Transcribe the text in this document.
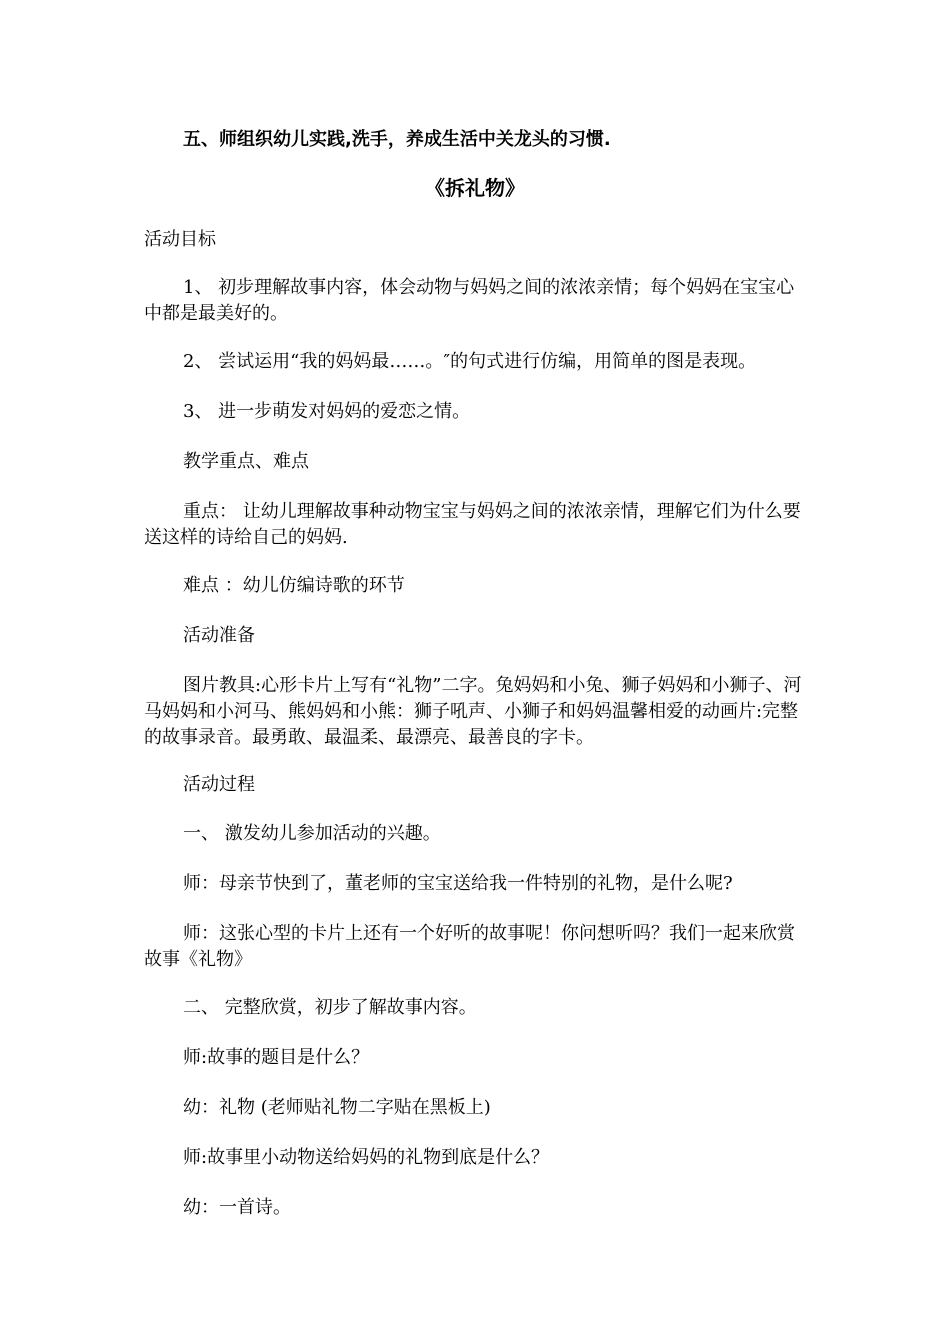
五、师组织幼儿实践,洗手，养成生活中关龙头的习惯.
《拆礼物》
活动目标
1、 初步理解故事内容，体会动物与妈妈之间的浓浓亲情；每个妈妈在宝宝心中都是最美好的。
2、 尝试运用“我的妈妈最……。″的句式进行仿编，用简单的图是表现。
3、 进一步萌发对妈妈的爱恋之情。
教学重点、难点
重点： 让幼儿理解故事种动物宝宝与妈妈之间的浓浓亲情，理解它们为什么要送这样的诗给自己的妈妈.
难点 ：幼儿仿编诗歌的环节
活动准备
图片教具:心形卡片上写有“礼物”二字。兔妈妈和小兔、狮子妈妈和小狮子、河马妈妈和小河马、熊妈妈和小熊：狮子吼声、小狮子和妈妈温馨相爱的动画片:完整的故事录音。最勇敢、最温柔、最漂亮、最善良的字卡。
活动过程
一、 激发幼儿参加活动的兴趣。
师：母亲节快到了，董老师的宝宝送给我一件特别的礼物，是什么呢?
师：这张心型的卡片上还有一个好听的故事呢！你问想听吗？我们一起来欣赏故事《礼物》
二、 完整欣赏，初步了解故事内容。
师:故事的题目是什么？
幼：礼物 (老师贴礼物二字贴在黑板上)
师:故事里小动物送给妈妈的礼物到底是什么？
幼：一首诗。
